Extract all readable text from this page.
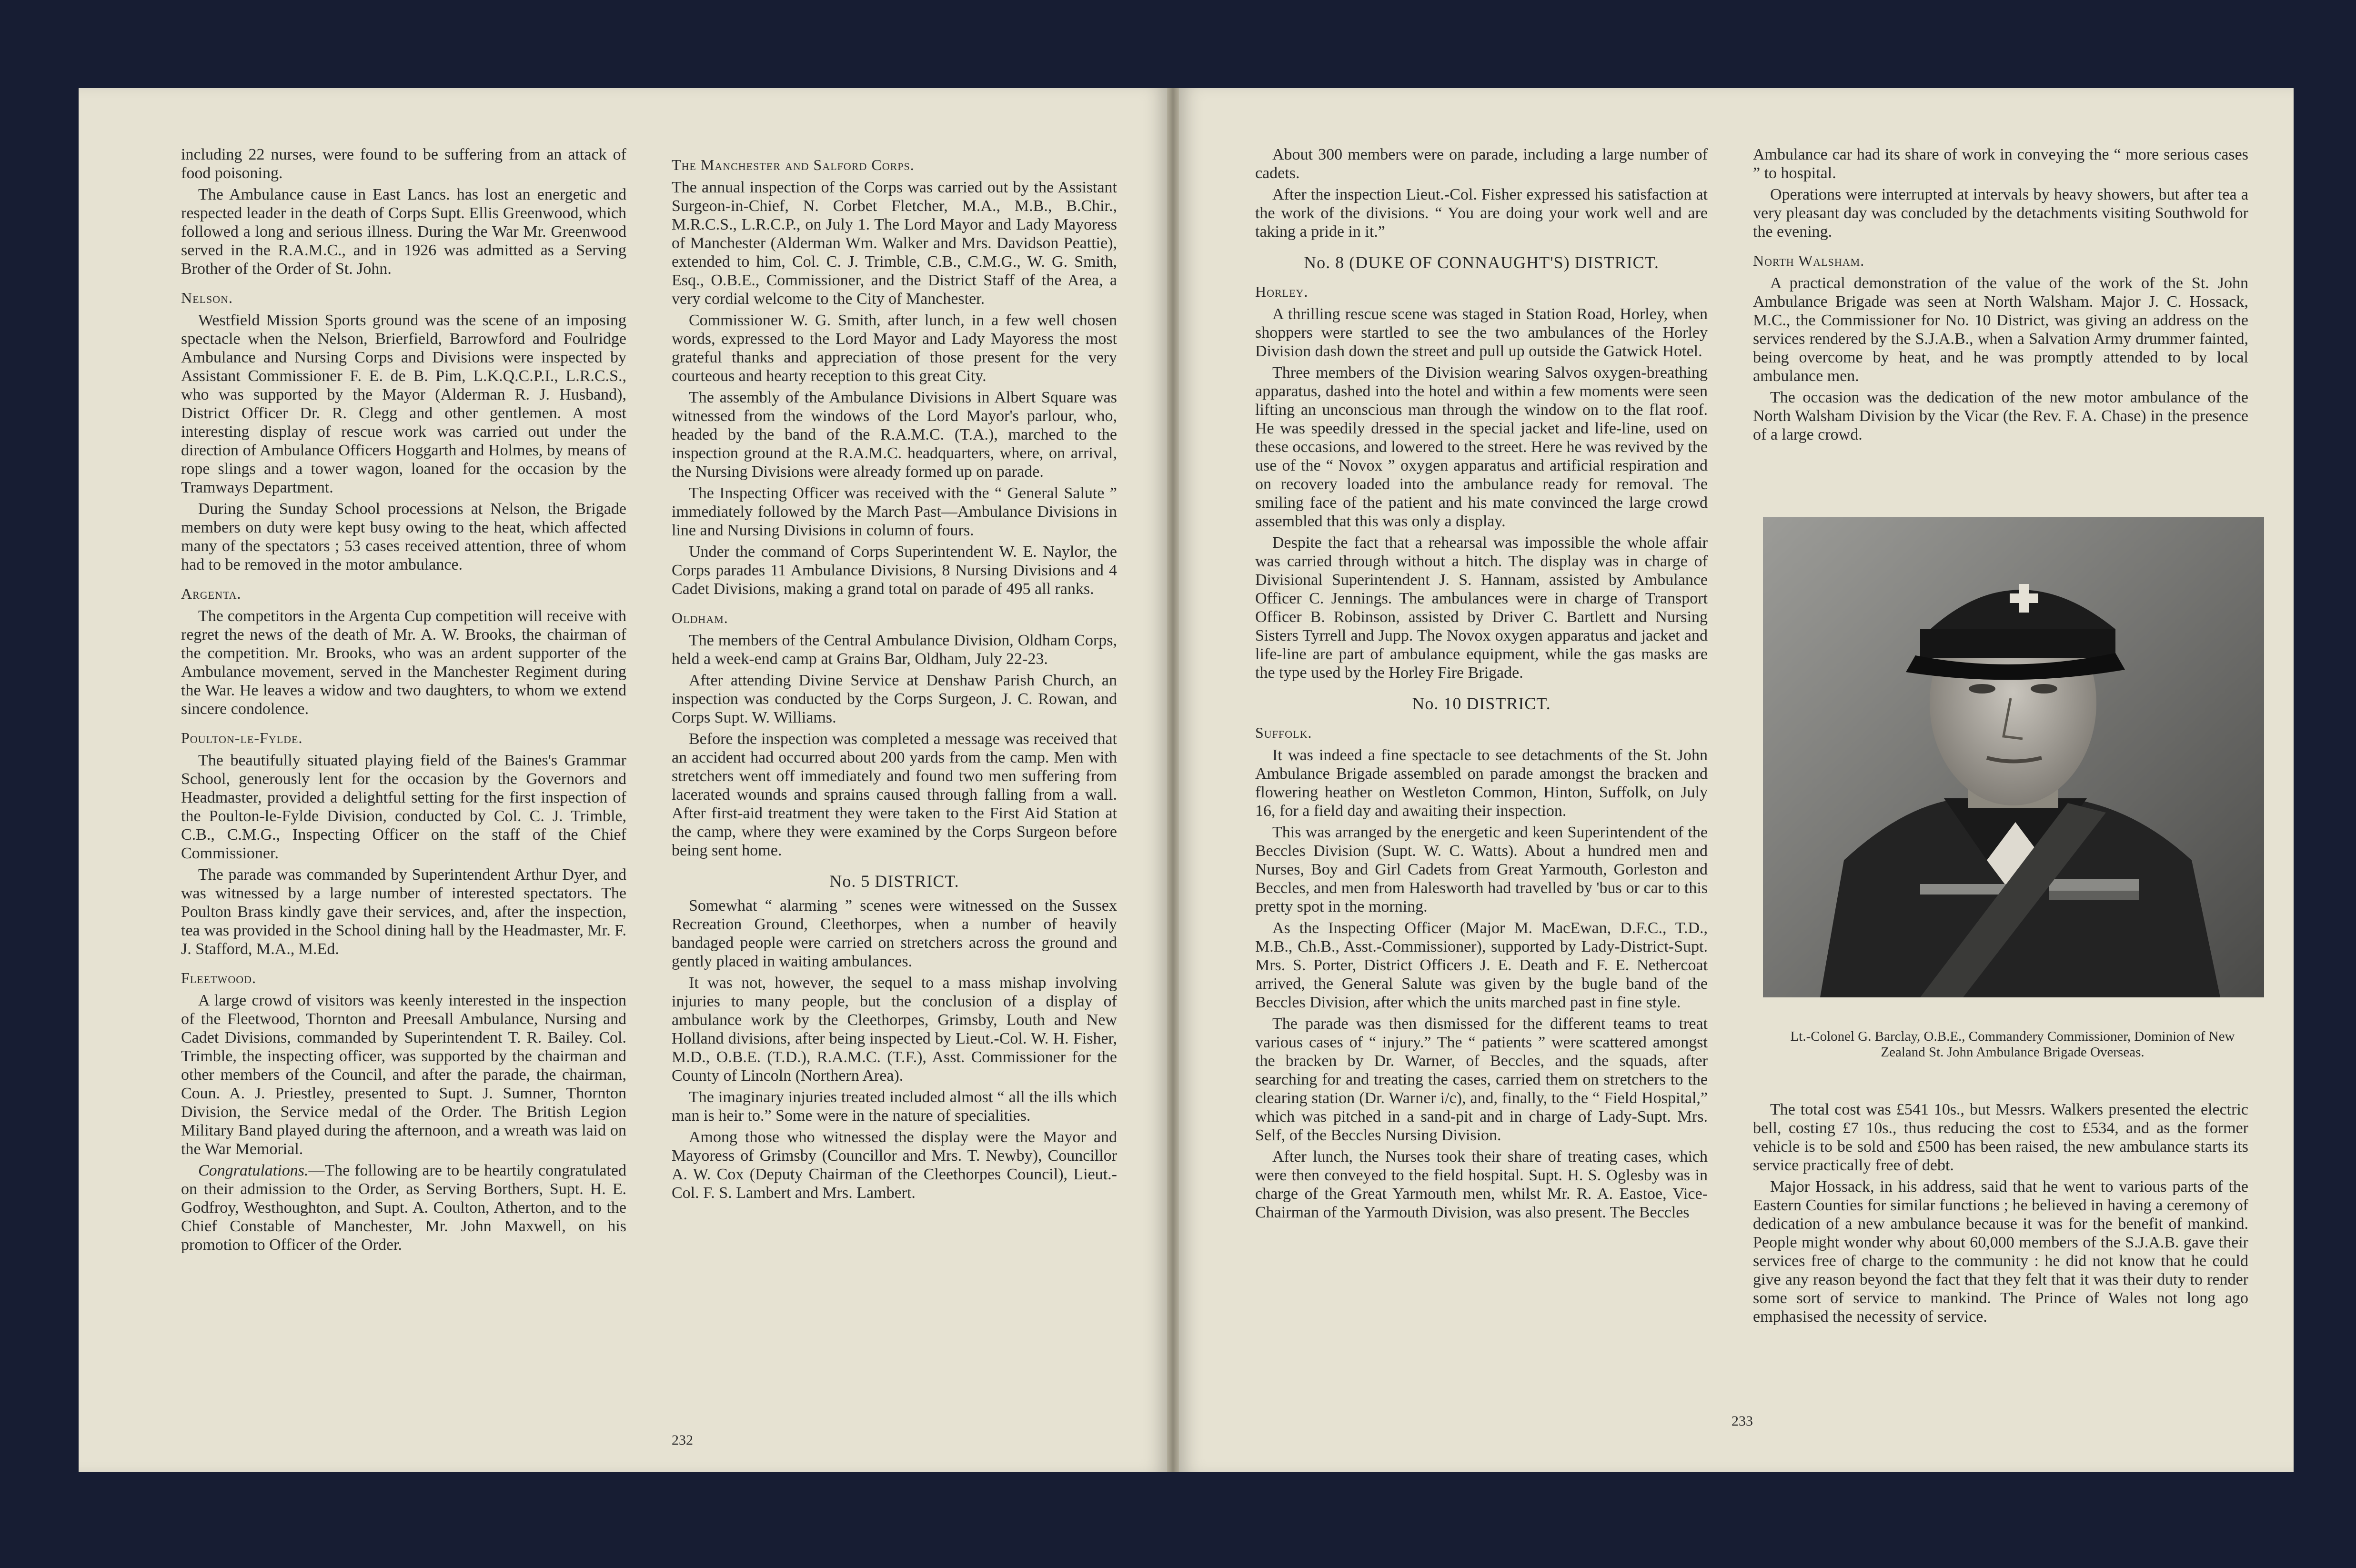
including 22 nurses, were found to be suffering from an attack of food poisoning.

The Ambulance cause in East Lancs. has lost an energetic and respected leader in the death of Corps Supt. Ellis Greenwood, which followed a long and serious illness. During the War Mr. Greenwood served in the R.A.M.C., and in 1926 was admitted as a Serving Brother of the Order of St. John.

Nelson.

Westfield Mission Sports ground was the scene of an imposing spectacle when the Nelson, Brierfield, Barrowford and Foulridge Ambulance and Nursing Corps and Divisions were inspected by Assistant Commissioner F. E. de B. Pim, L.K.Q.C.P.I., L.R.C.S., who was supported by the Mayor (Alderman R. J. Husband), District Officer Dr. R. Clegg and other gentlemen. A most interesting display of rescue work was carried out under the direction of Ambulance Officers Hoggarth and Holmes, by means of rope slings and a tower wagon, loaned for the occasion by the Tramways Department.

During the Sunday School processions at Nelson, the Brigade members on duty were kept busy owing to the heat, which affected many of the spectators ; 53 cases received attention, three of whom had to be removed in the motor ambulance.

Argenta.

The competitors in the Argenta Cup competition will receive with regret the news of the death of Mr. A. W. Brooks, the chairman of the competition. Mr. Brooks, who was an ardent supporter of the Ambulance movement, served in the Manchester Regiment during the War. He leaves a widow and two daughters, to whom we extend sincere condolence.

Poulton-le-Fylde.

The beautifully situated playing field of the Baines's Grammar School, generously lent for the occasion by the Governors and Headmaster, provided a delightful setting for the first inspection of the Poulton-le-Fylde Division, conducted by Col. C. J. Trimble, C.B., C.M.G., Inspecting Officer on the staff of the Chief Commissioner.

The parade was commanded by Superintendent Arthur Dyer, and was witnessed by a large number of interested spectators. The Poulton Brass kindly gave their services, and, after the inspection, tea was provided in the School dining hall by the Headmaster, Mr. F. J. Stafford, M.A., M.Ed.

Fleetwood.

A large crowd of visitors was keenly interested in the inspection of the Fleetwood, Thornton and Preesall Ambulance, Nursing and Cadet Divisions, commanded by Superintendent T. R. Bailey. Col. Trimble, the inspecting officer, was supported by the chairman and other members of the Council, and after the parade, the chairman, Coun. A. J. Priestley, presented to Supt. J. Sumner, Thornton Division, the Service medal of the Order. The British Legion Military Band played during the afternoon, and a wreath was laid on the War Memorial.

Congratulations.—The following are to be heartily congratulated on their admission to the Order, as Serving Borthers, Supt. H. E. Godfroy, Westhoughton, and Supt. A. Coulton, Atherton, and to the Chief Constable of Manchester, Mr. John Maxwell, on his promotion to Officer of the Order.

The Manchester and Salford Corps.

The annual inspection of the Corps was carried out by the Assistant Surgeon-in-Chief, N. Corbet Fletcher, M.A., M.B., B.Chir., M.R.C.S., L.R.C.P., on July 1. The Lord Mayor and Lady Mayoress of Manchester (Alderman Wm. Walker and Mrs. Davidson Peattie), extended to him, Col. C. J. Trimble, C.B., C.M.G., W. G. Smith, Esq., O.B.E., Commissioner, and the District Staff of the Area, a very cordial welcome to the City of Manchester.

Commissioner W. G. Smith, after lunch, in a few well chosen words, expressed to the Lord Mayor and Lady Mayoress the most grateful thanks and appreciation of those present for the very courteous and hearty reception to this great City.

The assembly of the Ambulance Divisions in Albert Square was witnessed from the windows of the Lord Mayor's parlour, who, headed by the band of the R.A.M.C. (T.A.), marched to the inspection ground at the R.A.M.C. headquarters, where, on arrival, the Nursing Divisions were already formed up on parade.

The Inspecting Officer was received with the “ General Salute ” immediately followed by the March Past—Ambulance Divisions in line and Nursing Divisions in column of fours.

Under the command of Corps Superintendent W. E. Naylor, the Corps parades 11 Ambulance Divisions, 8 Nursing Divisions and 4 Cadet Divisions, making a grand total on parade of 495 all ranks.

Oldham.

The members of the Central Ambulance Division, Oldham Corps, held a week-end camp at Grains Bar, Oldham, July 22-23.

After attending Divine Service at Denshaw Parish Church, an inspection was conducted by the Corps Surgeon, J. C. Rowan, and Corps Supt. W. Williams.

Before the inspection was completed a message was received that an accident had occurred about 200 yards from the camp. Men with stretchers went off immediately and found two men suffering from lacerated wounds and sprains caused through falling from a wall. After first-aid treatment they were taken to the First Aid Station at the camp, where they were examined by the Corps Surgeon before being sent home.

No. 5 DISTRICT.

Somewhat “ alarming ” scenes were witnessed on the Sussex Recreation Ground, Cleethorpes, when a number of heavily bandaged people were carried on stretchers across the ground and gently placed in waiting ambulances.

It was not, however, the sequel to a mass mishap involving injuries to many people, but the conclusion of a display of ambulance work by the Cleethorpes, Grimsby, Louth and New Holland divisions, after being inspected by Lieut.-Col. W. H. Fisher, M.D., O.B.E. (T.D.), R.A.M.C. (T.F.), Asst. Commissioner for the County of Lincoln (Northern Area).

The imaginary injuries treated included almost “ all the ills which man is heir to.” Some were in the nature of specialities.

Among those who witnessed the display were the Mayor and Mayoress of Grimsby (Councillor and Mrs. T. Newby), Councillor A. W. Cox (Deputy Chairman of the Cleethorpes Council), Lieut.-Col. F. S. Lambert and Mrs. Lambert.

232

About 300 members were on parade, including a large number of cadets.

After the inspection Lieut.-Col. Fisher expressed his satisfaction at the work of the divisions. “ You are doing your work well and are taking a pride in it.”

No. 8 (DUKE OF CONNAUGHT'S) DISTRICT.
Horley.

A thrilling rescue scene was staged in Station Road, Horley, when shoppers were startled to see the two ambulances of the Horley Division dash down the street and pull up outside the Gatwick Hotel.

Three members of the Division wearing Salvos oxygen-breathing apparatus, dashed into the hotel and within a few moments were seen lifting an unconscious man through the window on to the flat roof. He was speedily dressed in the special jacket and life-line, used on these occasions, and lowered to the street. Here he was revived by the use of the “ Novox ” oxygen apparatus and artificial respiration and on recovery loaded into the ambulance ready for removal. The smiling face of the patient and his mate convinced the large crowd assembled that this was only a display.

Despite the fact that a rehearsal was impossible the whole affair was carried through without a hitch. The display was in charge of Divisional Superintendent J. S. Hannam, assisted by Ambulance Officer C. Jennings. The ambulances were in charge of Transport Officer B. Robinson, assisted by Driver C. Bartlett and Nursing Sisters Tyrrell and Jupp. The Novox oxygen apparatus and jacket and life-line are part of ambulance equipment, while the gas masks are the type used by the Horley Fire Brigade.

No. 10 DISTRICT.
Suffolk.

It was indeed a fine spectacle to see detachments of the St. John Ambulance Brigade assembled on parade amongst the bracken and flowering heather on Westleton Common, Hinton, Suffolk, on July 16, for a field day and awaiting their inspection.

This was arranged by the energetic and keen Superintendent of the Beccles Division (Supt. W. C. Watts). About a hundred men and Nurses, Boy and Girl Cadets from Great Yarmouth, Gorleston and Beccles, and men from Halesworth had travelled by 'bus or car to this pretty spot in the morning.

As the Inspecting Officer (Major M. MacEwan, D.F.C., T.D., M.B., Ch.B., Asst.-Commissioner), supported by Lady-District-Supt. Mrs. S. Porter, District Officers J. E. Death and F. E. Nethercoat arrived, the General Salute was given by the bugle band of the Beccles Division, after which the units marched past in fine style.

The parade was then dismissed for the different teams to treat various cases of “ injury.” The “ patients ” were scattered amongst the bracken by Dr. Warner, of Beccles, and the squads, after searching for and treating the cases, carried them on stretchers to the clearing station (Dr. Warner i/c), and, finally, to the “ Field Hospital,” which was pitched in a sand-pit and in charge of Lady-Supt. Mrs. Self, of the Beccles Nursing Division.

After lunch, the Nurses took their share of treating cases, which were then conveyed to the field hospital. Supt. H. S. Oglesby was in charge of the Great Yarmouth men, whilst Mr. R. A. Eastoe, Vice-Chairman of the Yarmouth Division, was also present. The Beccles

Ambulance car had its share of work in conveying the “ more serious cases ” to hospital.

Operations were interrupted at intervals by heavy showers, but after tea a very pleasant day was concluded by the detachments visiting Southwold for the evening.

North Walsham.

A practical demonstration of the value of the work of the St. John Ambulance Brigade was seen at North Walsham. Major J. C. Hossack, M.C., the Commissioner for No. 10 District, was giving an address on the services rendered by the S.J.A.B., when a Salvation Army drummer fainted, being overcome by heat, and he was promptly attended to by local ambulance men.

The occasion was the dedication of the new motor ambulance of the North Walsham Division by the Vicar (the Rev. F. A. Chase) in the presence of a large crowd.

Lt.-Colonel G. Barclay, O.B.E., Commandery Commissioner, Dominion of New Zealand St. John Ambulance Brigade Overseas.

The total cost was £541 10s., but Messrs. Walkers presented the electric bell, costing £7 10s., thus reducing the cost to £534, and as the former vehicle is to be sold and £500 has been raised, the new ambulance starts its service practically free of debt.

Major Hossack, in his address, said that he went to various parts of the Eastern Counties for similar functions ; he believed in having a ceremony of dedication of a new ambulance because it was for the benefit of mankind. People might wonder why about 60,000 members of the S.J.A.B. gave their services free of charge to the community : he did not know that he could give any reason beyond the fact that they felt that it was their duty to render some sort of service to mankind. The Prince of Wales not long ago emphasised the necessity of service.

233
